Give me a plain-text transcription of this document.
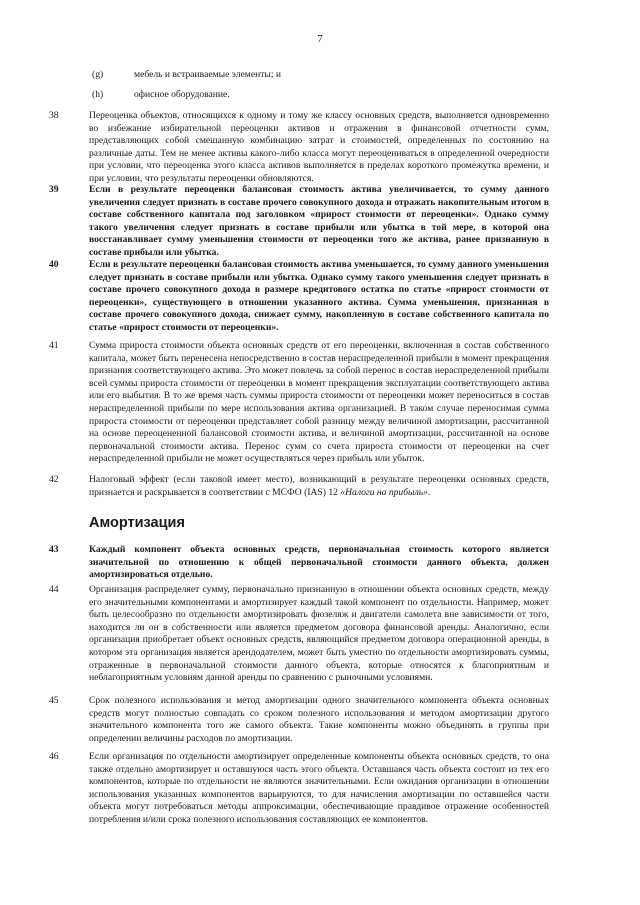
7
(g)	мебель и встраиваемые элементы; и
(h)	офисное оборудование.
38	Переоценка объектов, относящихся к одному и тому же классу основных средств, выполняется одновременно во избежание избирательной переоценки активов и отражения в финансовой отчетности сумм, представляющих собой смешанную комбинацию затрат и стоимостей, определенных по состоянию на различные даты. Тем не менее активы какого-либо класса могут переоцениваться в определенной очередности при условии, что переоценка этого класса активов выполняется в пределах короткого промежутка времени, и при условии, что результаты переоценки обновляются.
39	Если в результате переоценки балансовая стоимость актива увеличивается, то сумму данного увеличения следует признать в составе прочего совокупного дохода и отражать накопительным итогом в составе собственного капитала под заголовком «прирост стоимости от переоценки». Однако сумму такого увеличения следует признать в составе прибыли или убытка в той мере, в которой она восстанавливает сумму уменьшения стоимости от переоценки того же актива, ранее признанную в составе прибыли или убытка.
40	Если в результате переоценки балансовая стоимость актива уменьшается, то сумму данного уменьшения следует признать в составе прибыли или убытка. Однако сумму такого уменьшения следует признать в составе прочего совокупного дохода в размере кредитового остатка по статье «прирост стоимости от переоценки», существующего в отношении указанного актива. Сумма уменьшения, признанная в составе прочего совокупного дохода, снижает сумму, накопленную в составе собственного капитала по статье «прирост стоимости от переоценки».
41	Сумма прироста стоимости объекта основных средств от его переоценки, включенная в состав собственного капитала, может быть перенесена непосредственно в состав нераспределенной прибыли в момент прекращения признания соответствующего актива. Это может повлечь за собой перенос в состав нераспределенной прибыли всей суммы прироста стоимости от переоценки в момент прекращения эксплуатации соответствующего актива или его выбытия. В то же время часть суммы прироста стоимости от переоценки может переноситься в состав нераспределенной прибыли по мере использования актива организацией. В таком случае переносимая сумма прироста стоимости от переоценки представляет собой разницу между величиной амортизации, рассчитанной на основе переоцененной балансовой стоимости актива, и величиной амортизации, рассчитанной на основе первоначальной стоимости актива. Перенос сумм со счета прироста стоимости от переоценки на счет нераспределенной прибыли не может осуществляться через прибыль или убыток.
42	Налоговый эффект (если таковой имеет место), возникающий в результате переоценки основных средств, признается и раскрывается в соответствии с МСФО (IAS) 12 «Налоги на прибыль».
Амортизация
43	Каждый компонент объекта основных средств, первоначальная стоимость которого является значительной по отношению к общей первоначальной стоимости данного объекта, должен амортизироваться отдельно.
44	Организация распределяет сумму, первоначально признанную в отношении объекта основных средств, между его значительными компонентами и амортизирует каждый такой компонент по отдельности. Например, может быть целесообразно по отдельности амортизировать фюзеляж и двигатели самолета вне зависимости от того, находится ли он в собственности или является предметом договора финансовой аренды. Аналогично, если организация приобретает объект основных средств, являющийся предметом договора операционной аренды, в котором эта организация является арендодателем, может быть уместно по отдельности амортизировать суммы, отраженные в первоначальной стоимости данного объекта, которые относятся к благоприятным и неблагоприятным условиям данной аренды по сравнению с рыночными условиями.
45	Срок полезного использования и метод амортизации одного значительного компонента объекта основных средств могут полностью совпадать со сроком полезного использования и методом амортизации другого значительного компонента того же самого объекта. Такие компоненты можно объединять в группы при определении величины расходов по амортизации.
46	Если организация по отдельности амортизирует определенные компоненты объекта основных средств, то она также отдельно амортизирует и оставшуюся часть этого объекта. Оставшаяся часть объекта состоит из тех его компонентов, которые по отдельности не являются значительными. Если ожидания организации в отношении использования указанных компонентов варьируются, то для начисления амортизации по оставшейся части объекта могут потребоваться методы аппроксимации, обеспечивающие правдивое отражение особенностей потребления и/или срока полезного использования составляющих ее компонентов.
